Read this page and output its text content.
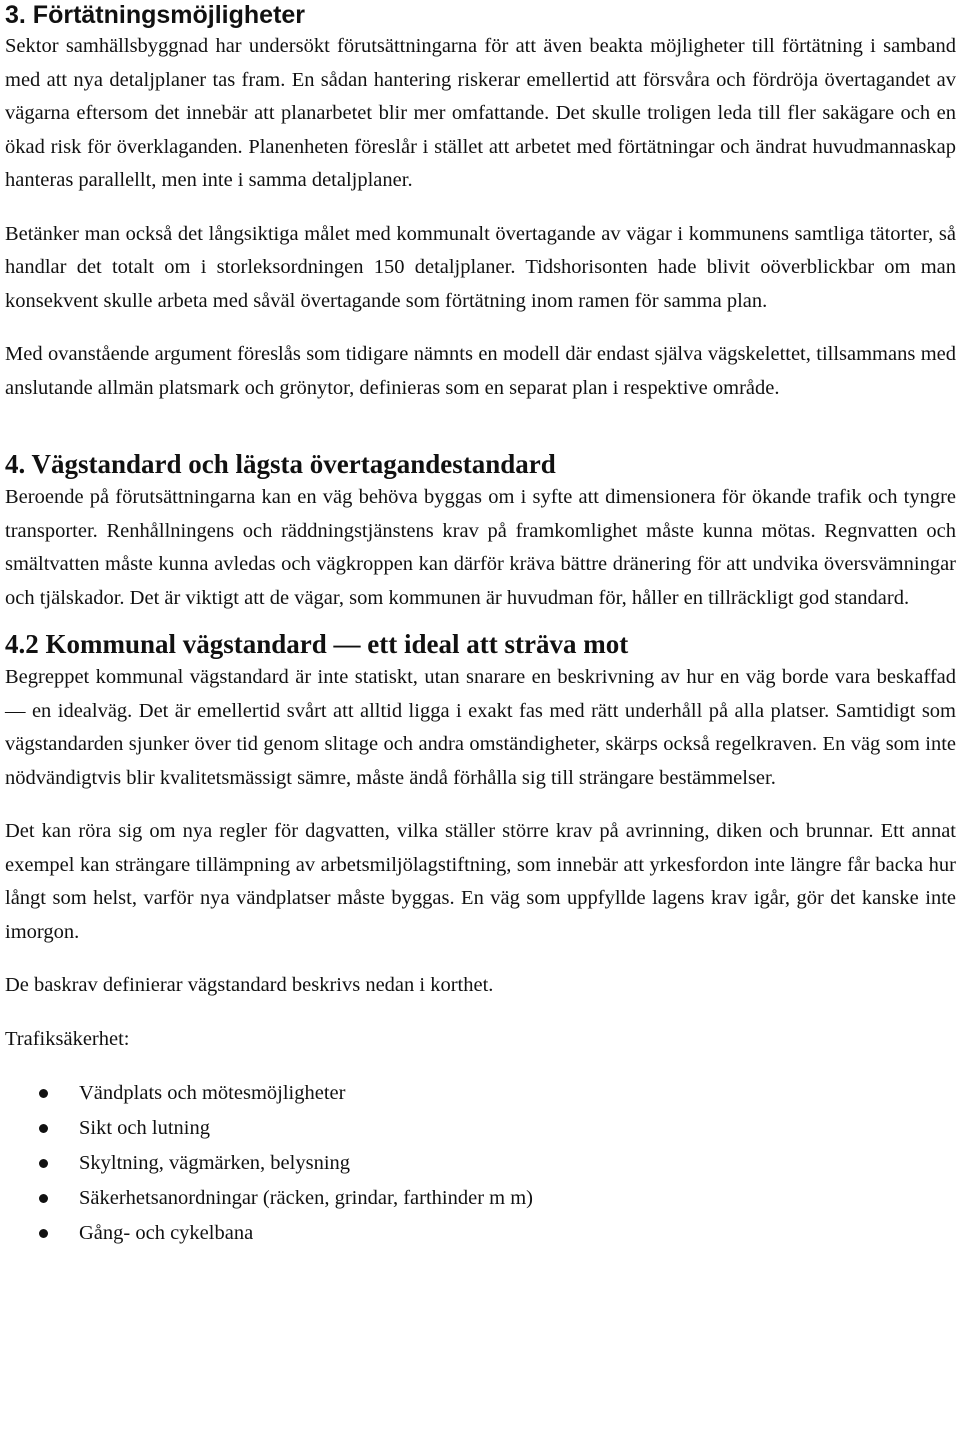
3. Förtätningsmöjligheter

Sektor samhällsbyggnad har undersökt förutsättningarna för att även beakta möjligheter till förtätning i samband med att nya detaljplaner tas fram. En sådan hantering riskerar emellertid att försvåra och fördröja övertagandet av vägarna eftersom det innebär att planarbetet blir mer omfattande. Det skulle troligen leda till fler sakägare och en ökad risk för överklaganden. Planenheten föreslår i stället att arbetet med förtätningar och ändrat huvudmannaskap hanteras parallellt, men inte i samma detaljplaner.

Betänker man också det långsiktiga målet med kommunalt övertagande av vägar i kommunens samtliga tätorter, så handlar det totalt om i storleksordningen 150 detaljplaner. Tidshorisonten hade blivit oöverblickbar om man konsekvent skulle arbeta med såväl övertagande som förtätning inom ramen för samma plan.

Med ovanstående argument föreslås som tidigare nämnts en modell där endast själva vägskelettet, tillsammans med anslutande allmän platsmark och grönytor, definieras som en separat plan i respektive område.

4. Vägstandard och lägsta övertagandestandard

Beroende på förutsättningarna kan en väg behöva byggas om i syfte att dimensionera för ökande trafik och tyngre transporter. Renhållningens och räddningstjänstens krav på framkomlighet måste kunna mötas. Regnvatten och smältvatten måste kunna avledas och vägkroppen kan därför kräva bättre dränering för att undvika översvämningar och tjälskador. Det är viktigt att de vägar, som kommunen är huvudman för, håller en tillräckligt god standard.

4.2 Kommunal vägstandard — ett ideal att sträva mot

Begreppet kommunal vägstandard är inte statiskt, utan snarare en beskrivning av hur en väg borde vara beskaffad — en idealväg. Det är emellertid svårt att alltid ligga i exakt fas med rätt underhåll på alla platser. Samtidigt som vägstandarden sjunker över tid genom slitage och andra omständigheter, skärps också regelkraven. En väg som inte nödvändigtvis blir kvalitetsmässigt sämre, måste ändå förhålla sig till strängare bestämmelser.

Det kan röra sig om nya regler för dagvatten, vilka ställer större krav på avrinning, diken och brunnar. Ett annat exempel kan strängare tillämpning av arbetsmiljölagstiftning, som innebär att yrkesfordon inte längre får backa hur långt som helst, varför nya vändplatser måste byggas. En väg som uppfyllde lagens krav igår, gör det kanske inte imorgon.

De baskrav definierar vägstandard beskrivs nedan i korthet.

Trafiksäkerhet:

Vändplats och mötesmöjligheter
Sikt och lutning
Skyltning, vägmärken, belysning
Säkerhetsanordningar (räcken, grindar, farthinder m m)
Gång- och cykelbana
